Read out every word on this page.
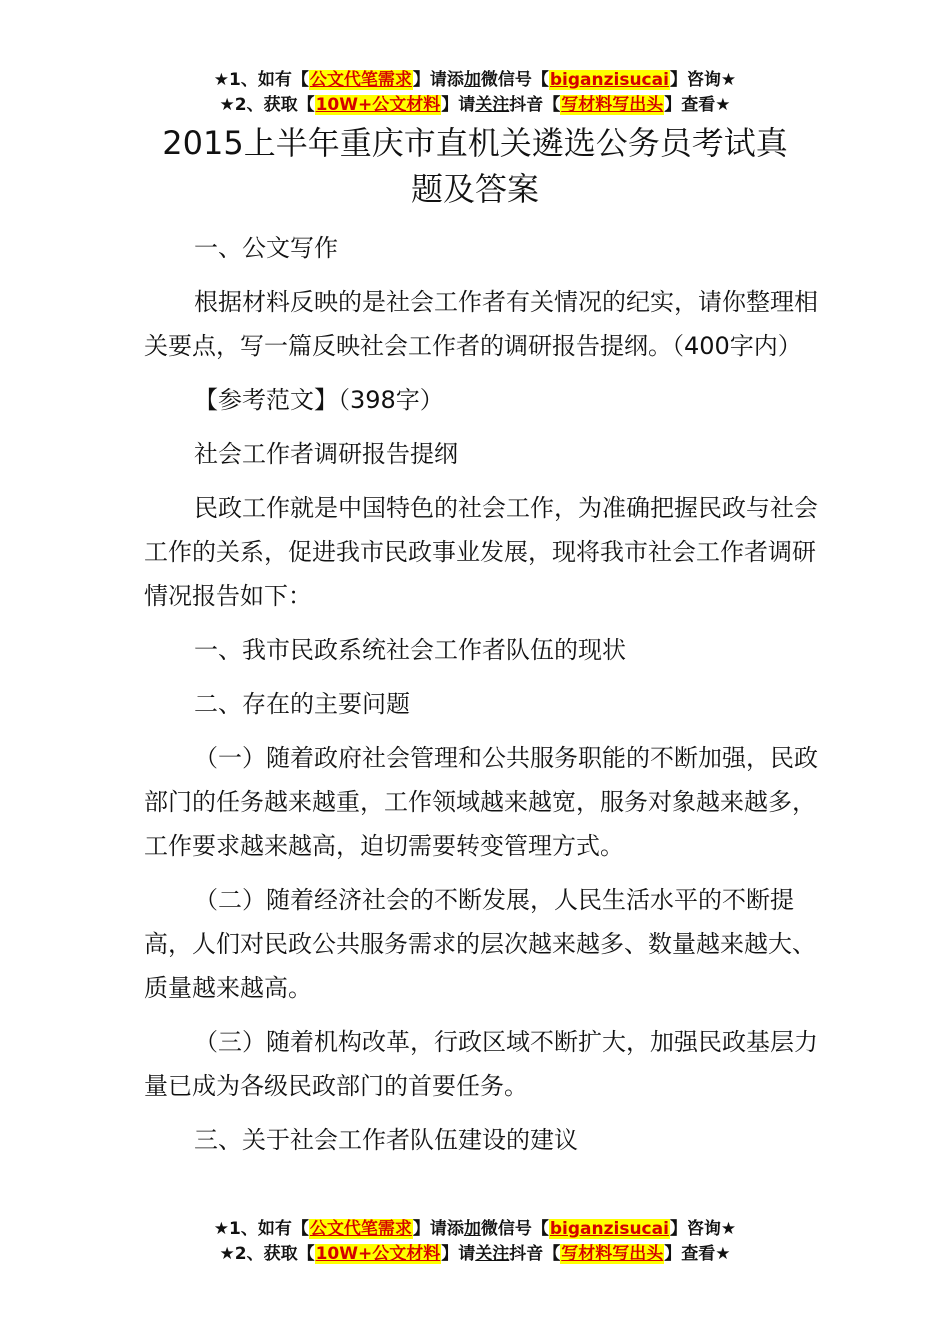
★1、如有【公文代笔需求】请添加微信号【biganzisucai】咨询★
★2、获取【10W+公文材料】请关注抖音【写材料写出头】查看★
2015上半年重庆市直机关遴选公务员考试真
题及答案

一、公文写作

根据材料反映的是社会工作者有关情况的纪实，请你整理相关要点，写一篇反映社会工作者的调研报告提纲。（400字内）

【参考范文】（398字）

社会工作者调研报告提纲

民政工作就是中国特色的社会工作，为准确把握民政与社会工作的关系，促进我市民政事业发展，现将我市社会工作者调研情况报告如下：

一、我市民政系统社会工作者队伍的现状

二、存在的主要问题

（一）随着政府社会管理和公共服务职能的不断加强，民政部门的任务越来越重，工作领域越来越宽，服务对象越来越多，工作要求越来越高，迫切需要转变管理方式。

（二）随着经济社会的不断发展，人民生活水平的不断提高，人们对民政公共服务需求的层次越来越多、数量越来越大、质量越来越高。

（三）随着机构改革，行政区域不断扩大，加强民政基层力量已成为各级民政部门的首要任务。

三、关于社会工作者队伍建设的建议

★1、如有【公文代笔需求】请添加微信号【biganzisucai】咨询★
★2、获取【10W+公文材料】请关注抖音【写材料写出头】查看★
